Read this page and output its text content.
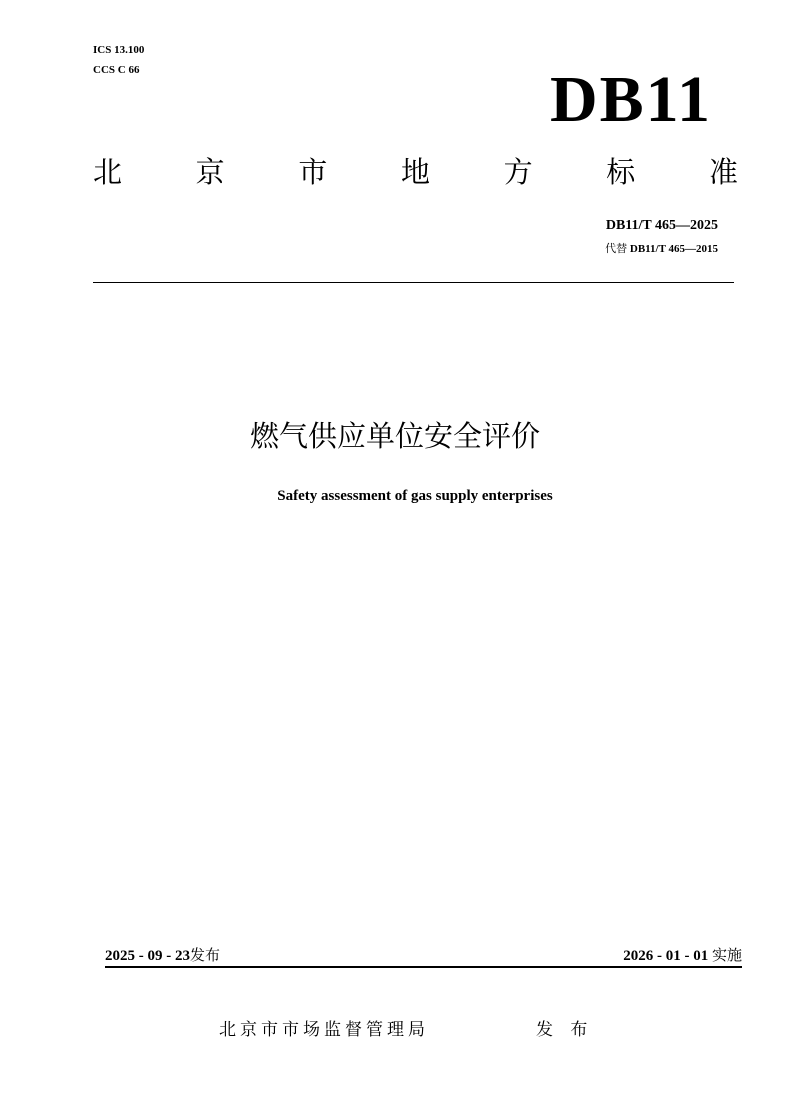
ICS 13.100
CCS C 66	DB11
北	京	市	地	方	标	准
DB11/T 465—2025
代替 DB11/T 465—2015
燃气供应单位安全评价
Safety assessment of gas supply enterprises
2025 - 09 - 23发布	2026 - 01 - 01 实施
北京市市场监督管理局	发 布
